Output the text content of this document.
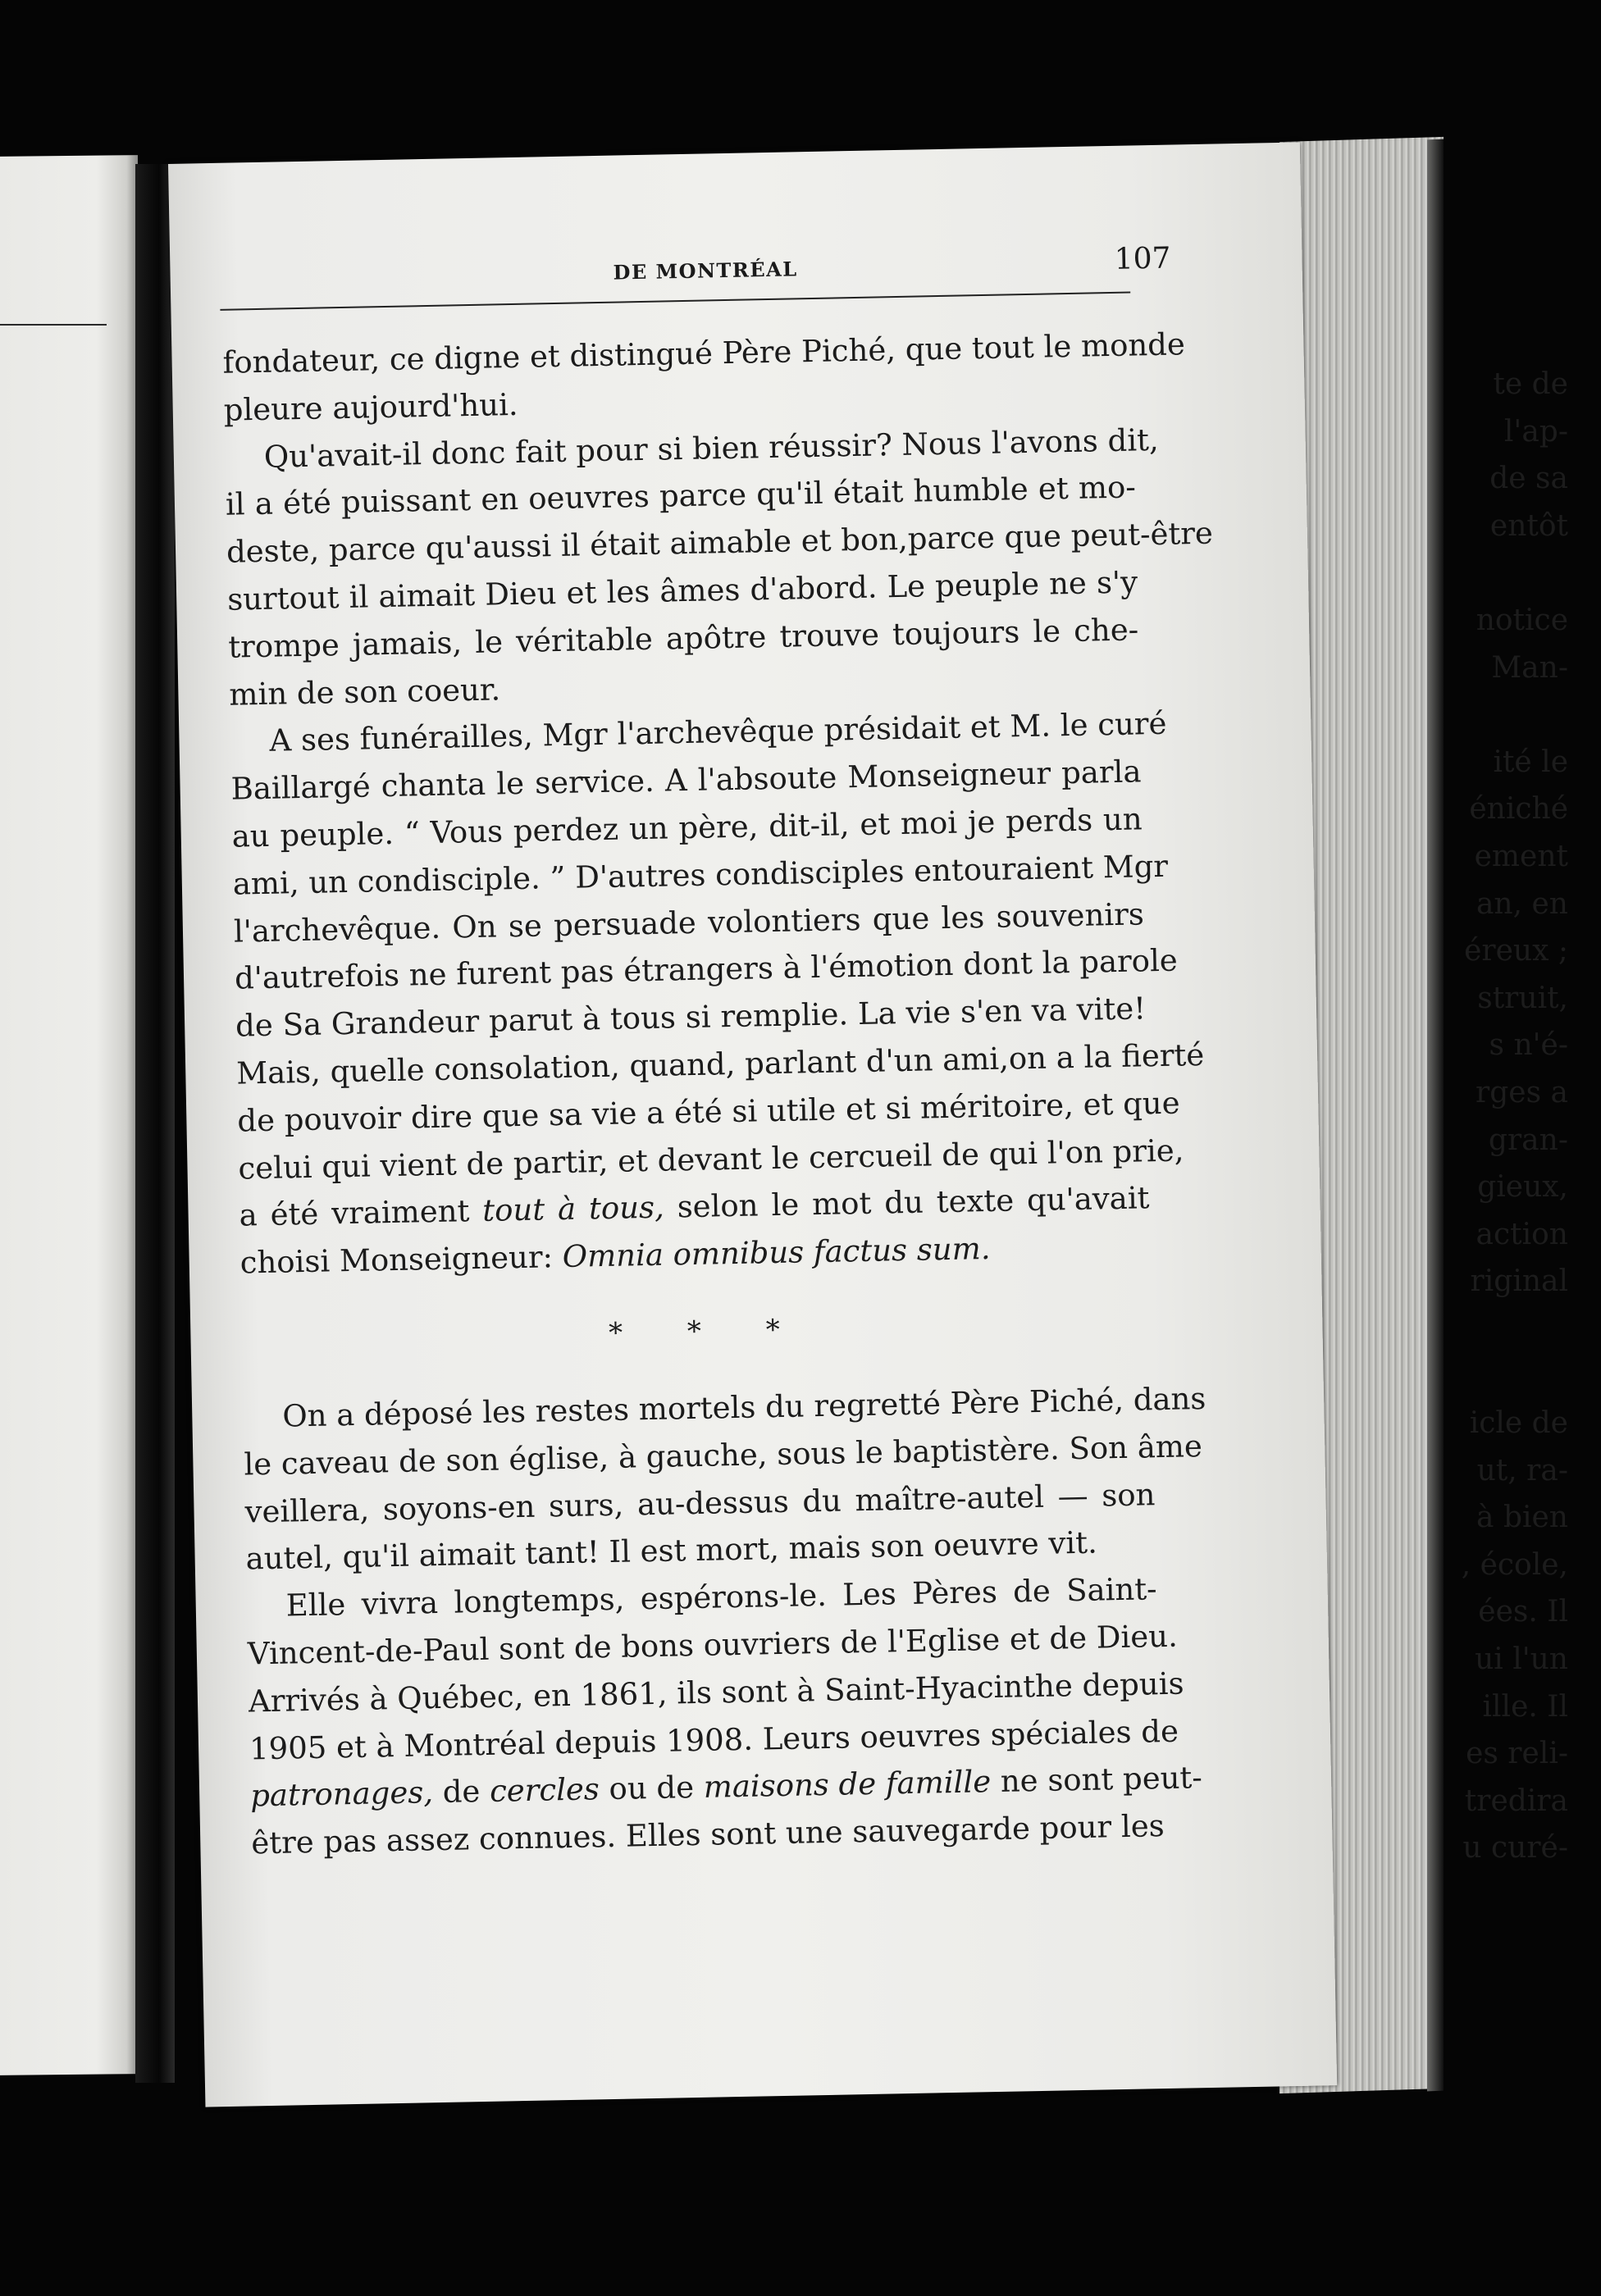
te de
l'ap-
de sa
entôt
notice
Man-
ité le
éniché
ement
an, en
éreux ;
struit,
s n'é-
rges a
gran-
gieux,
action
riginal
icle de
ut, ra-
à bien
, école,
ées. Il
ui l'un
ille. Il
es reli-
tredira
u curé-
DE MONTRÉAL	107
fondateur, ce digne et distingué Père Piché, que tout le monde
pleure aujourd'hui.
Qu'avait-il donc fait pour si bien réussir? Nous l'avons dit,
il a été puissant en oeuvres parce qu'il était humble et mo-
deste, parce qu'aussi il était aimable et bon,parce que peut-être
surtout il aimait Dieu et les âmes d'abord. Le peuple ne s'y
trompe jamais, le véritable apôtre trouve toujours le che-
min de son coeur.
A ses funérailles, Mgr l'archevêque présidait et M. le curé
Baillargé chanta le service. A l'absoute Monseigneur parla
au peuple. “ Vous perdez un père, dit-il, et moi je perds un
ami, un condisciple. ” D'autres condisciples entouraient Mgr
l'archevêque. On se persuade volontiers que les souvenirs
d'autrefois ne furent pas étrangers à l'émotion dont la parole
de Sa Grandeur parut à tous si remplie. La vie s'en va vite!
Mais, quelle consolation, quand, parlant d'un ami,on a la fierté
de pouvoir dire que sa vie a été si utile et si méritoire, et que
celui qui vient de partir, et devant le cercueil de qui l'on prie,
a été vraiment tout à tous, selon le mot du texte qu'avait
choisi Monseigneur: Omnia omnibus factus sum.
* * *
On a déposé les restes mortels du regretté Père Piché, dans
le caveau de son église, à gauche, sous le baptistère. Son âme
veillera, soyons-en surs, au-dessus du maître-autel — son
autel, qu'il aimait tant! Il est mort, mais son oeuvre vit.
Elle vivra longtemps, espérons-le. Les Pères de Saint-
Vincent-de-Paul sont de bons ouvriers de l'Eglise et de Dieu.
Arrivés à Québec, en 1861, ils sont à Saint-Hyacinthe depuis
1905 et à Montréal depuis 1908. Leurs oeuvres spéciales de
patronages, de cercles ou de maisons de famille ne sont peut-
être pas assez connues. Elles sont une sauvegarde pour les
